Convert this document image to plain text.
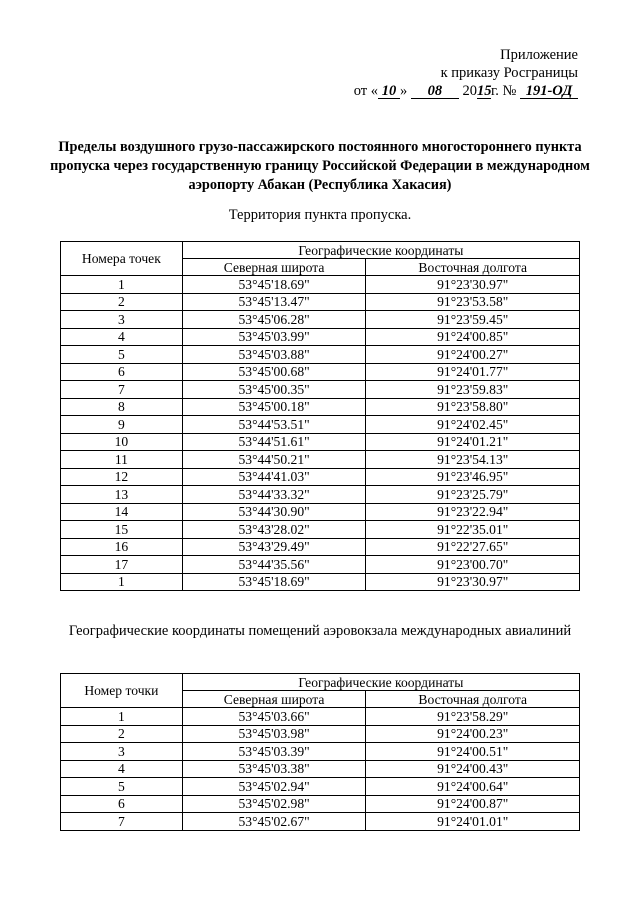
Приложение
к приказу Росграницы
от « 10 » 08 2015г. № 191-ОД
Пределы воздушного грузо-пассажирского постоянного многостороннего пункта пропуска через государственную границу Российской Федерации в международном аэропорту Абакан (Республика Хакасия)
Территория пункта пропуска.
Номера точек	Географические координаты	
	Северная широта	Восточная долгота
1	53°45'18.69"	91°23'30.97"
2	53°45'13.47"	91°23'53.58"
3	53°45'06.28"	91°23'59.45"
4	53°45'03.99"	91°24'00.85"
5	53°45'03.88"	91°24'00.27"
6	53°45'00.68"	91°24'01.77"
7	53°45'00.35"	91°23'59.83"
8	53°45'00.18"	91°23'58.80"
9	53°44'53.51"	91°24'02.45"
10	53°44'51.61"	91°24'01.21"
11	53°44'50.21"	91°23'54.13"
12	53°44'41.03"	91°23'46.95"
13	53°44'33.32"	91°23'25.79"
14	53°44'30.90"	91°23'22.94"
15	53°43'28.02"	91°22'35.01"
16	53°43'29.49"	91°22'27.65"
17	53°44'35.56"	91°23'00.70"
1	53°45'18.69"	91°23'30.97"
Географические координаты помещений аэровокзала международных авиалиний
Номер точки	Географические координаты	
	Северная широта	Восточная долгота
1	53°45'03.66"	91°23'58.29"
2	53°45'03.98"	91°24'00.23"
3	53°45'03.39"	91°24'00.51"
4	53°45'03.38"	91°24'00.43"
5	53°45'02.94"	91°24'00.64"
6	53°45'02.98"	91°24'00.87"
7	53°45'02.67"	91°24'01.01"
